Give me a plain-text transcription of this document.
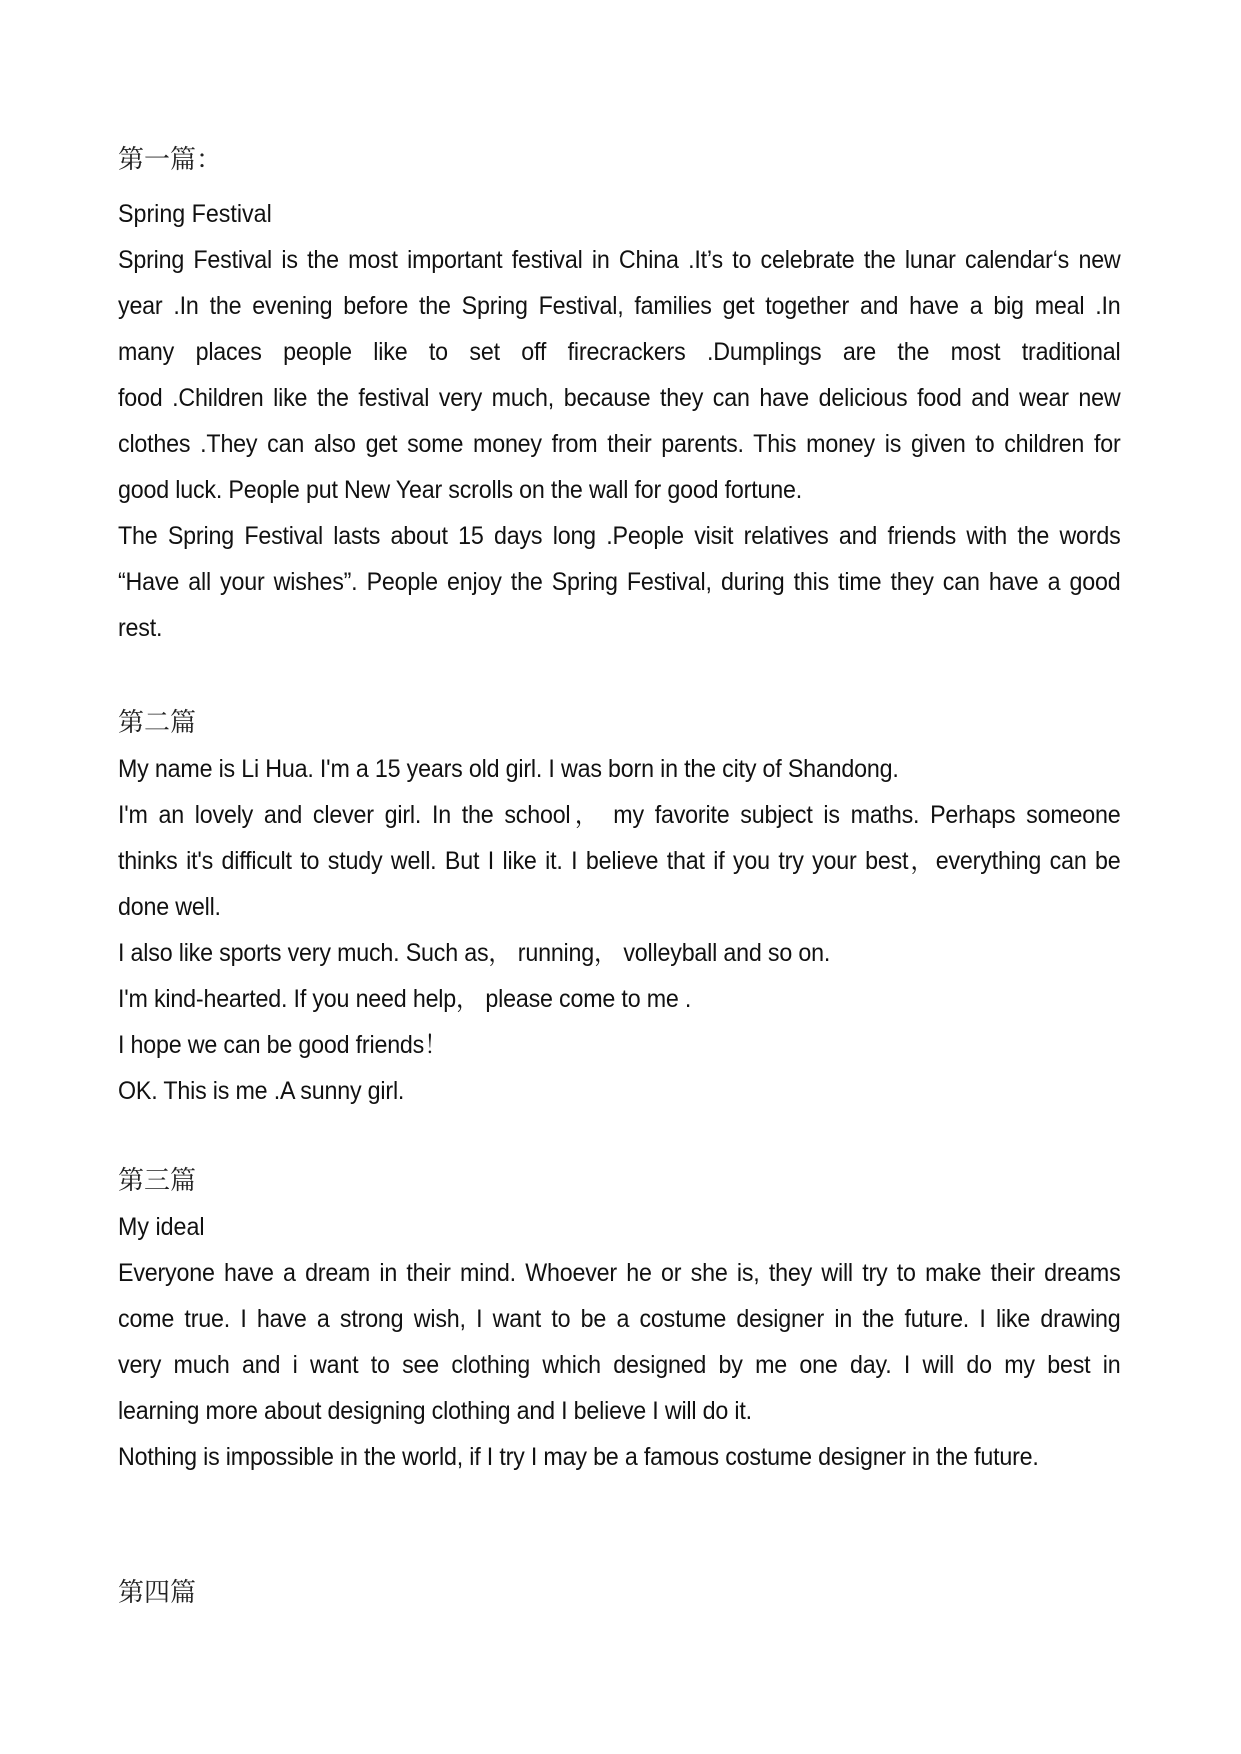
第一篇：

Spring Festival

Spring Festival is the most important festival in China .It’s to celebrate the lunar calendar‘s new

year .In the evening before the Spring Festival, families get together and have a big meal .In

many places people like to set off firecrackers .Dumplings are the most traditional

food .Children like the festival very much, because they can have delicious food and wear new

clothes .They can also get some money from their parents. This money is given to children for

good luck. People put New Year scrolls on the wall for good fortune.

The Spring Festival lasts about 15 days long .People visit relatives and friends with the words

“Have all your wishes”. People enjoy the Spring Festival, during this time they can have a good

rest.

第二篇

My name is Li Hua. I'm a 15 years old girl. I was born in the city of Shandong.

I'm an lovely and clever girl. In the school， my favorite subject is maths. Perhaps someone

thinks it's difficult to study well. But I like it. I believe that if you try your best，everything can be

done well.

I also like sports very much. Such as， running， volleyball and so on.

I'm kind-hearted. If you need help， please come to me .

I hope we can be good friends！

OK. This is me .A sunny girl.

第三篇

My ideal

Everyone have a dream in their mind. Whoever he or she is, they will try to make their dreams

come true. I have a strong wish, I want to be a costume designer in the future. I like drawing

very much and i want to see clothing which designed by me one day. I will do my best in

learning more about designing clothing and I believe I will do it.

Nothing is impossible in the world, if I try I may be a famous costume designer in the future.

第四篇
